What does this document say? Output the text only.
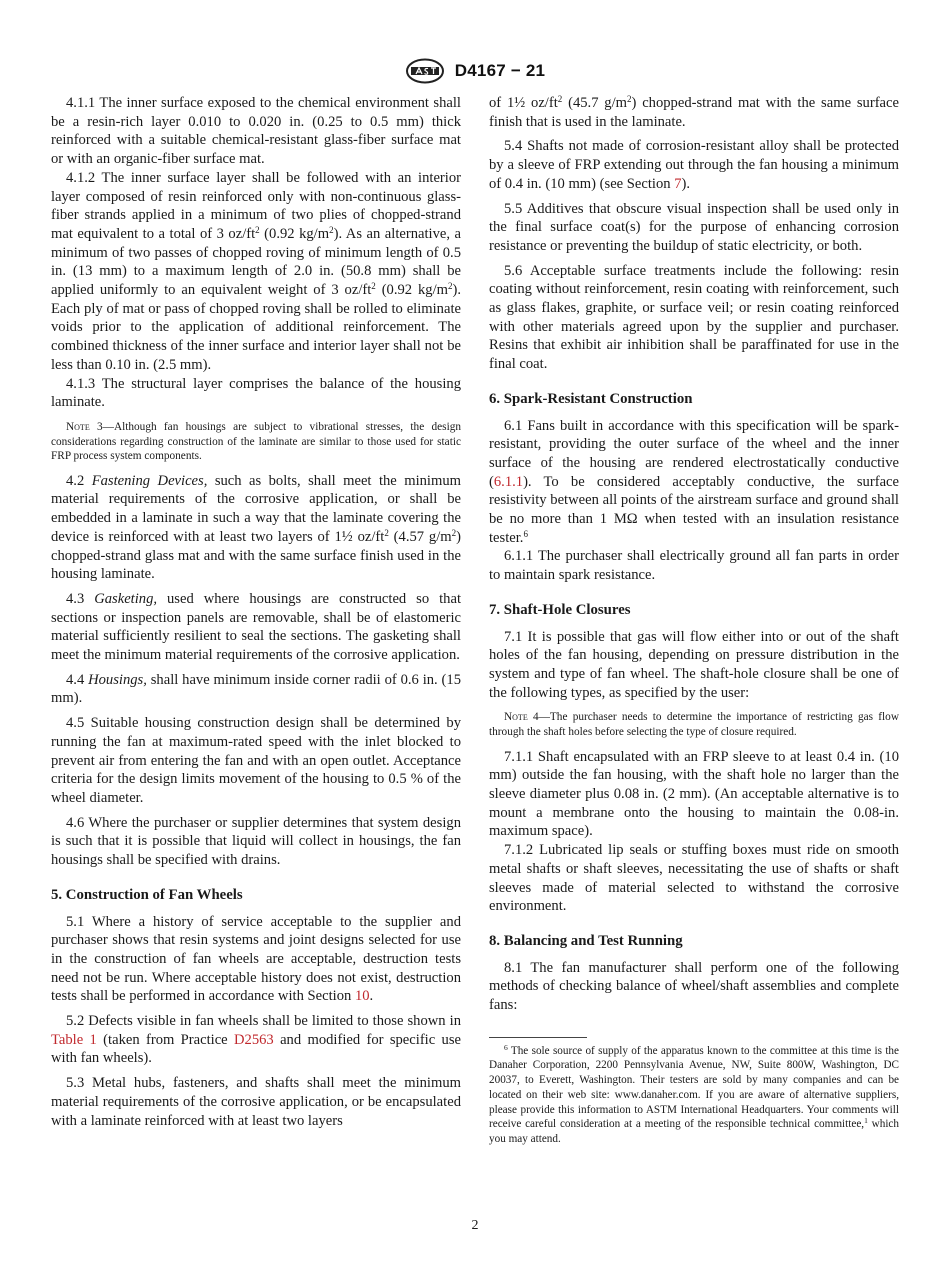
D4167 − 21

4.1.1 The inner surface exposed to the chemical environment shall be a resin-rich layer 0.010 to 0.020 in. (0.25 to 0.5 mm) thick reinforced with a suitable chemical-resistant glass-fiber surface mat or with an organic-fiber surface mat.

4.1.2 The inner surface layer shall be followed with an interior layer composed of resin reinforced only with non-continuous glass-fiber strands applied in a minimum of two plies of chopped-strand mat equivalent to a total of 3 $oz/ft^2$ (0.92 $kg/m^2$). As an alternative, a minimum of two passes of chopped roving of minimum length of 0.5 in. (13 mm) to a maximum length of 2.0 in. (50.8 mm) shall be applied uniformly to an equivalent weight of 3 $oz/ft^2$ (0.92 $kg/m^2$). Each ply of mat or pass of chopped roving shall be rolled to eliminate voids prior to the application of additional reinforcement. The combined thickness of the inner surface and interior layer shall not be less than 0.10 in. (2.5 mm).

4.1.3 The structural layer comprises the balance of the housing laminate.

Note 3—Although fan housings are subject to vibrational stresses, the design considerations regarding construction of the laminate are similar to those used for static FRP process system components.

4.2 Fastening Devices, such as bolts, shall meet the minimum material requirements of the corrosive application, or shall be embedded in a laminate in such a way that the laminate covering the device is reinforced with at least two layers of 1½ $oz/ft^2$ (4.57 $g/m^2$) chopped-strand glass mat and with the same surface finish used in the housing laminate.

4.3 Gasketing, used where housings are constructed so that sections or inspection panels are removable, shall be of elastomeric material sufficiently resilient to seal the sections. The gasketing shall meet the minimum material requirements of the corrosive application.

4.4 Housings, shall have minimum inside corner radii of 0.6 in. (15 mm).

4.5 Suitable housing construction design shall be determined by running the fan at maximum-rated speed with the inlet blocked to prevent air from entering the fan and with an open outlet. Acceptance criteria for the design limits movement of the housing to 0.5 % of the wheel diameter.

4.6 Where the purchaser or supplier determines that system design is such that it is possible that liquid will collect in housings, the fan housings shall be specified with drains.

5. Construction of Fan Wheels

5.1 Where a history of service acceptable to the supplier and purchaser shows that resin systems and joint designs selected for use in the construction of fan wheels are acceptable, destruction tests need not be run. Where acceptable history does not exist, destruction tests shall be performed in accordance with Section 10.

5.2 Defects visible in fan wheels shall be limited to those shown in Table 1 (taken from Practice D2563 and modified for specific use with fan wheels).

5.3 Metal hubs, fasteners, and shafts shall meet the minimum material requirements of the corrosive application, or be encapsulated with a laminate reinforced with at least two layers

of 1½ $oz/ft^2$ (45.7 $g/m^2$) chopped-strand mat with the same surface finish that is used in the laminate.

5.4 Shafts not made of corrosion-resistant alloy shall be protected by a sleeve of FRP extending out through the fan housing a minimum of 0.4 in. (10 mm) (see Section 7).

5.5 Additives that obscure visual inspection shall be used only in the final surface coat(s) for the purpose of enhancing corrosion resistance or preventing the buildup of static electricity, or both.

5.6 Acceptable surface treatments include the following: resin coating without reinforcement, resin coating with reinforcement, such as glass flakes, graphite, or surface veil; or resin coating reinforced with other materials agreed upon by the supplier and purchaser. Resins that exhibit air inhibition shall be paraffinated for use in the final coat.

6. Spark-Resistant Construction

6.1 Fans built in accordance with this specification will be spark-resistant, providing the outer surface of the wheel and the inner surface of the housing are rendered electrostatically conductive (6.1.1). To be considered acceptably conductive, the surface resistivity between all points of the airstream surface and ground shall be no more than 1 MΩ when tested with an insulation resistance tester.$^6$

6.1.1 The purchaser shall electrically ground all fan parts in order to maintain spark resistance.

7. Shaft-Hole Closures

7.1 It is possible that gas will flow either into or out of the shaft holes of the fan housing, depending on pressure distribution in the system and type of fan wheel. The shaft-hole closure shall be one of the following types, as specified by the user:

Note 4—The purchaser needs to determine the importance of restricting gas flow through the shaft holes before selecting the type of closure required.

7.1.1 Shaft encapsulated with an FRP sleeve to at least 0.4 in. (10 mm) outside the fan housing, with the shaft hole no larger than the sleeve diameter plus 0.08 in. (2 mm). (An acceptable alternative is to mount a membrane onto the housing to maintain the 0.08-in. maximum space).

7.1.2 Lubricated lip seals or stuffing boxes must ride on smooth metal shafts or shaft sleeves, necessitating the use of shafts or shaft sleeves made of material selected to withstand the corrosive environment.

8. Balancing and Test Running

8.1 The fan manufacturer shall perform one of the following methods of checking balance of wheel/shaft assemblies and complete fans:

$^6$ The sole source of supply of the apparatus known to the committee at this time is the Danaher Corporation, 2200 Pennsylvania Avenue, NW, Suite 800W, Washington, DC 20037, to Everett, Washington. Their testers are sold by many companies and can be located on their web site: www.danaher.com. If you are aware of alternative suppliers, please provide this information to ASTM International Headquarters. Your comments will receive careful consideration at a meeting of the responsible technical committee,$^1$ which you may attend.
2
